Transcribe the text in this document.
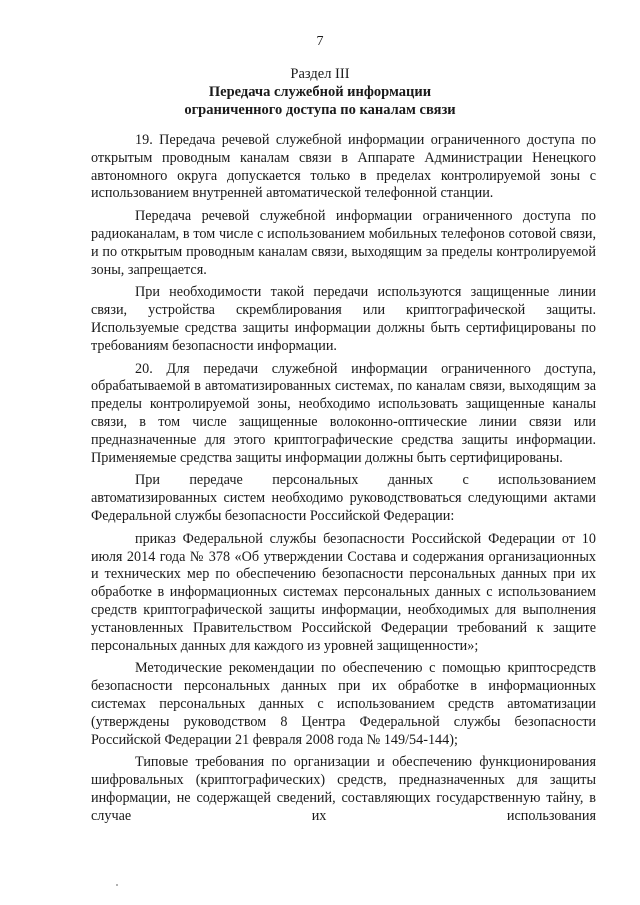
7
Раздел III
Передача служебной информации
ограниченного доступа по каналам связи

19. Передача речевой служебной информации ограниченного доступа по открытым проводным каналам связи в Аппарате Администрации Ненецкого автономного округа допускается только в пределах контролируемой зоны с использованием внутренней автоматической телефонной станции.

Передача речевой служебной информации ограниченного доступа по радиоканалам, в том числе с использованием мобильных телефонов сотовой связи, и по открытым проводным каналам связи, выходящим за пределы контролируемой зоны, запрещается.

При необходимости такой передачи используются защищенные линии связи, устройства скремблирования или криптографической защиты. Используемые средства защиты информации должны быть сертифицированы по требованиям безопасности информации.

20. Для передачи служебной информации ограниченного доступа, обрабатываемой в автоматизированных системах, по каналам связи, выходящим за пределы контролируемой зоны, необходимо использовать защищенные каналы связи, в том числе защищенные волоконно-оптические линии связи или предназначенные для этого криптографические средства защиты информации. Применяемые средства защиты информации должны быть сертифицированы.

При передаче персональных данных с использованием автоматизированных систем необходимо руководствоваться следующими актами Федеральной службы безопасности Российской Федерации:

приказ Федеральной службы безопасности Российской Федерации от 10 июля 2014 года № 378 «Об утверждении Состава и содержания организационных и технических мер по обеспечению безопасности персональных данных при их обработке в информационных системах персональных данных с использованием средств криптографической защиты информации, необходимых для выполнения установленных Правительством Российской Федерации требований к защите персональных данных для каждого из уровней защищенности»;

Методические рекомендации по обеспечению с помощью криптосредств безопасности персональных данных при их обработке в информационных системах персональных данных с использованием средств автоматизации (утверждены руководством 8 Центра Федеральной службы безопасности Российской Федерации 21 февраля 2008 года № 149/54-144);

Типовые требования по организации и обеспечению функционирования шифровальных (криптографических) средств, предназначенных для защиты информации, не содержащей сведений, составляющих государственную тайну, в случае их использования
